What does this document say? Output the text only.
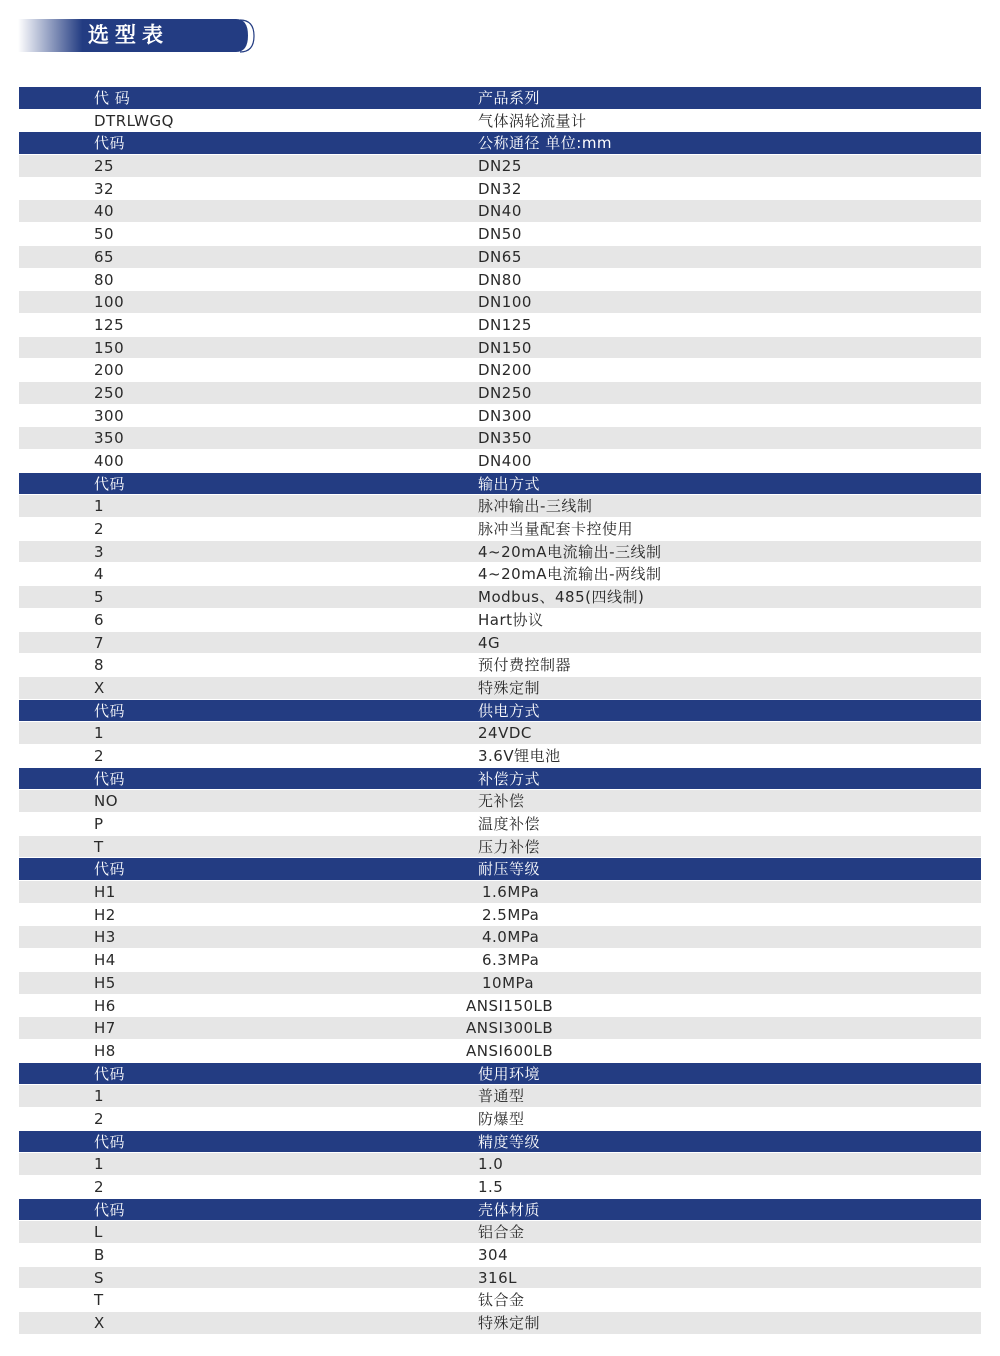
选型表
代 码	产品系列
DTRLWGQ	气体涡轮流量计
代码	公称通径 单位:mm
25	DN25
32	DN32
40	DN40
50	DN50
65	DN65
80	DN80
100	DN100
125	DN125
150	DN150
200	DN200
250	DN250
300	DN300
350	DN350
400	DN400
代码	输出方式
1	脉冲输出-三线制
2	脉冲当量配套卡控使用
3	4~20mA电流输出-三线制
4	4~20mA电流输出-两线制
5	Modbus、485(四线制)
6	Hart协议
7	4G
8	预付费控制器
X	特殊定制
代码	供电方式
1	24VDC
2	3.6V锂电池
代码	补偿方式
NO	无补偿
P	温度补偿
T	压力补偿
代码	耐压等级
H1	1.6MPa
H2	2.5MPa
H3	4.0MPa
H4	6.3MPa
H5	10MPa
H6	ANSI150LB
H7	ANSI300LB
H8	ANSI600LB
代码	使用环境
1	普通型
2	防爆型
代码	精度等级
1	1.0
2	1.5
代码	壳体材质
L	铝合金
B	304
S	316L
T	钛合金
X	特殊定制
